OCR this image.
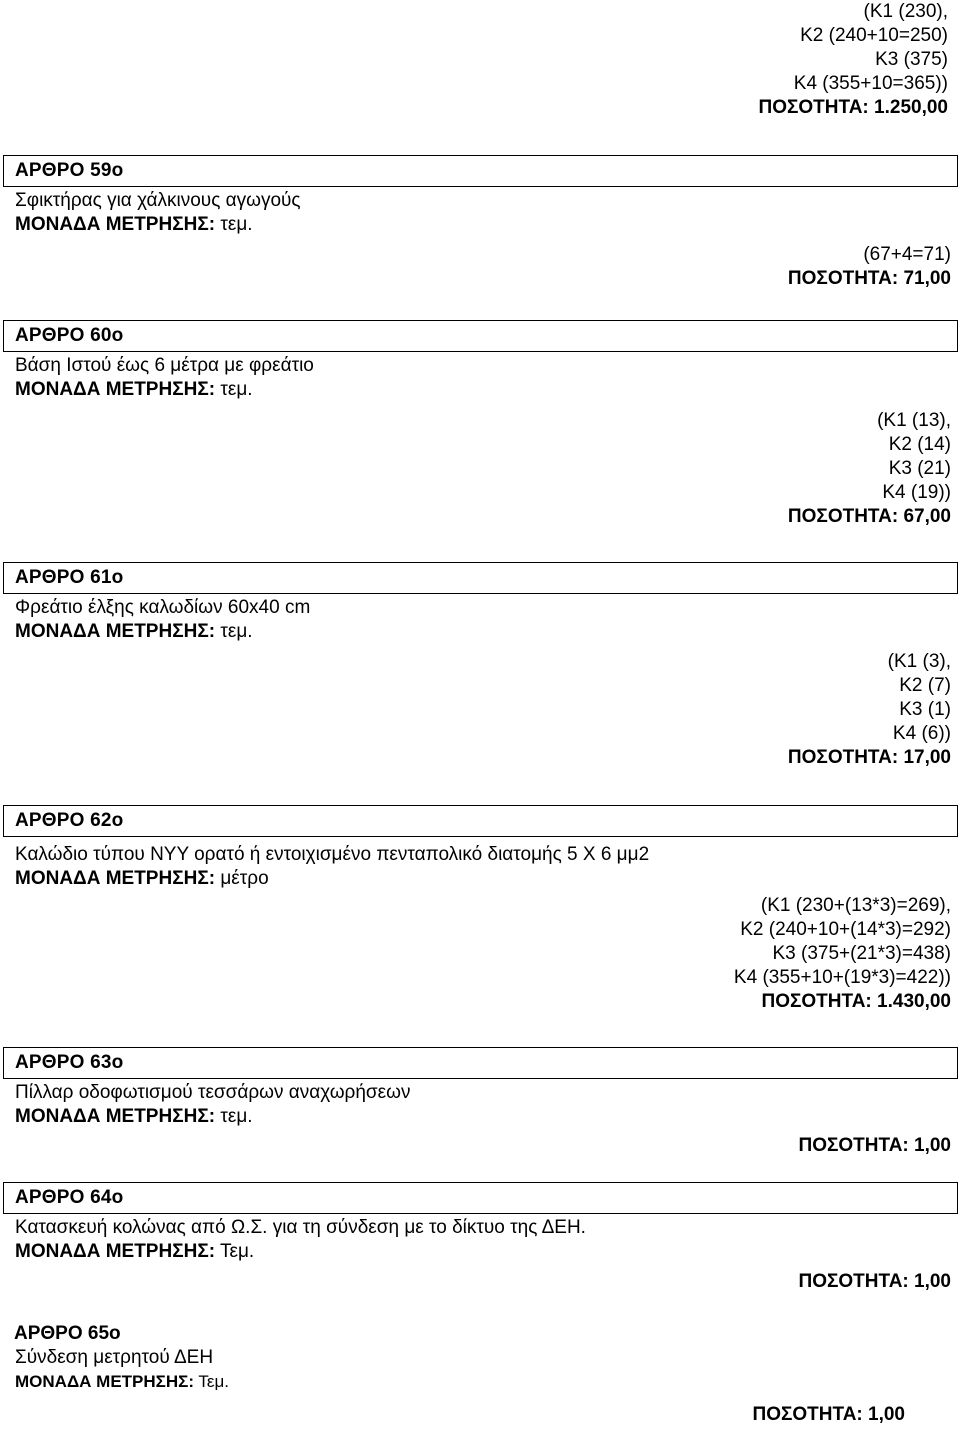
(Κ1 (230),
Κ2 (240+10=250)
Κ3 (375)
Κ4 (355+10=365))
ΠΟΣΟΤΗΤΑ: 1.250,00
ΑΡΘΡΟ 59ο
Σφικτήρας για χάλκινους αγωγούς
ΜΟΝΑΔΑ ΜΕΤΡΗΣΗΣ: τεμ.
(67+4=71)
ΠΟΣΟΤΗΤΑ: 71,00
ΑΡΘΡΟ 60ο
Βάση Ιστού έως 6 μέτρα με φρεάτιο
ΜΟΝΑΔΑ ΜΕΤΡΗΣΗΣ: τεμ.
(Κ1 (13),
Κ2 (14)
Κ3 (21)
Κ4 (19))
ΠΟΣΟΤΗΤΑ: 67,00
ΑΡΘΡΟ 61ο
Φρεάτιο έλξης καλωδίων 60x40 cm
ΜΟΝΑΔΑ ΜΕΤΡΗΣΗΣ: τεμ.
(Κ1 (3),
Κ2 (7)
Κ3 (1)
Κ4 (6))
ΠΟΣΟΤΗΤΑ: 17,00
ΑΡΘΡΟ 62ο
Καλώδιο τύπου NYY ορατό ή εντοιχισμένο πενταπολικό διατομής 5 Χ 6 μμ2
ΜΟΝΑΔΑ ΜΕΤΡΗΣΗΣ: μέτρο
(Κ1 (230+(13*3)=269),
Κ2 (240+10+(14*3)=292)
Κ3 (375+(21*3)=438)
Κ4 (355+10+(19*3)=422))
ΠΟΣΟΤΗΤΑ: 1.430,00
ΑΡΘΡΟ 63ο
Πίλλαρ οδοφωτισμού τεσσάρων αναχωρήσεων
ΜΟΝΑΔΑ ΜΕΤΡΗΣΗΣ: τεμ.
ΠΟΣΟΤΗΤΑ: 1,00
ΑΡΘΡΟ 64ο
Κατασκευή κολώνας από Ω.Σ. για τη σύνδεση με το δίκτυο της ΔΕΗ.
ΜΟΝΑΔΑ ΜΕΤΡΗΣΗΣ: Τεμ.
ΠΟΣΟΤΗΤΑ: 1,00
ΑΡΘΡΟ 65ο
Σύνδεση μετρητού ΔΕΗ
ΜΟΝΑΔΑ ΜΕΤΡΗΣΗΣ: Τεμ.
ΠΟΣΟΤΗΤΑ: 1,00
